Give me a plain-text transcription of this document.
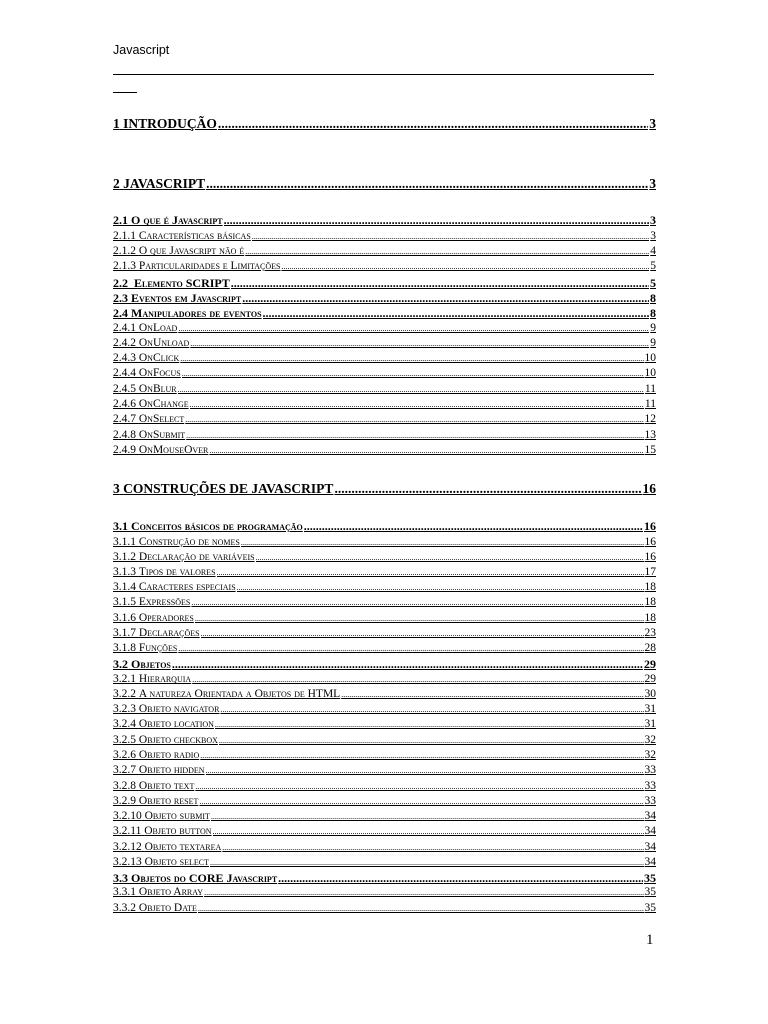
Javascript
1 INTRODUÇÃO .....	3
2 JAVASCRIPT .....	3
2.1 O que é Javascript .....	3
2.1.1 Características básicas .....	3
2.1.2 O que Javascript não é .....	4
2.1.3 Particularidades e Limitações .....	5
2.2 Elemento SCRIPT .....	5
2.3 Eventos em Javascript .....	8
2.4 Manipuladores de eventos .....	8
2.4.1 OnLoad .....	9
2.4.2 OnUnload .....	9
2.4.3 OnClick .....	10
2.4.4 OnFocus .....	10
2.4.5 OnBlur .....	11
2.4.6 OnChange .....	11
2.4.7 OnSelect .....	12
2.4.8 OnSubmit .....	13
2.4.9 OnMouseOver .....	15
3 CONSTRUÇÕES DE JAVASCRIPT .....	16
3.1 Conceitos básicos de programação .....	16
3.1.1 Construção de nomes .....	16
3.1.2 Declaração de variáveis .....	16
3.1.3 Tipos de valores .....	17
3.1.4 Caracteres especiais .....	18
3.1.5 Expressões .....	18
3.1.6 Operadores .....	18
3.1.7 Declarações .....	23
3.1.8 Funções .....	28
3.2 Objetos .....	29
3.2.1 Hierarquia .....	29
3.2.2 A natureza Orientada a Objetos de HTML .....	30
3.2.3 Objeto navigator .....	31
3.2.4 Objeto location .....	31
3.2.5 Objeto checkbox .....	32
3.2.6 Objeto radio .....	32
3.2.7 Objeto hidden .....	33
3.2.8 Objeto text .....	33
3.2.9 Objeto reset .....	33
3.2.10 Objeto submit .....	34
3.2.11 Objeto button .....	34
3.2.12 Objeto textarea .....	34
3.2.13 Objeto select .....	34
3.3 Objetos do CORE Javascript .....	35
3.3.1 Objeto Array .....	35
3.3.2 Objeto Date .....	35
1
